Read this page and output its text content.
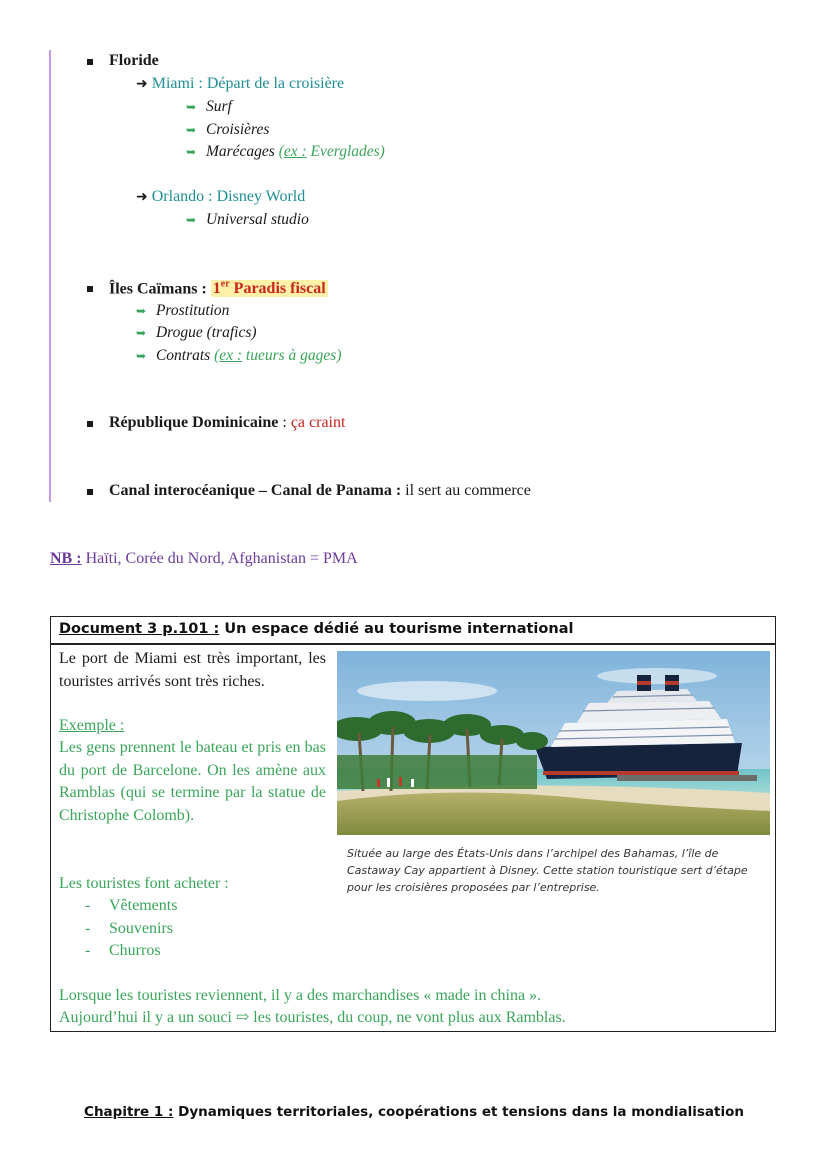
Floride
➜ Miami : Départ de la croisière
➥ Surf
➥ Croisières
➥ Marécages (ex : Everglades)
➜ Orlando : Disney World
➥ Universal studio
Îles Caïmans : 1er Paradis fiscal
➥ Prostitution
➥ Drogue (trafics)
➥ Contrats (ex : tueurs à gages)
République Dominicaine : ça craint
Canal interocéanique – Canal de Panama : il sert au commerce
NB : Haïti, Corée du Nord, Afghanistan = PMA
Document 3 p.101 : Un espace dédié au tourisme international
Le port de Miami est très important, les touristes arrivés sont très riches.
Exemple :
Les gens prennent le bateau et pris en bas du port de Barcelone. On les amène aux Ramblas (qui se termine par la statue de Christophe Colomb).
Les touristes font acheter :
- Vêtements
- Souvenirs
- Churros
Lorsque les touristes reviennent, il y a des marchandises « made in china ».
Aujourd’hui il y a un souci ⇨ les touristes, du coup, ne vont plus aux Ramblas.
Située au large des États-Unis dans l’archipel des Bahamas, l’île de Castaway Cay appartient à Disney. Cette station touristique sert d’étape pour les croisières proposées par l’entreprise.
Chapitre 1 : Dynamiques territoriales, coopérations et tensions dans la mondialisation
